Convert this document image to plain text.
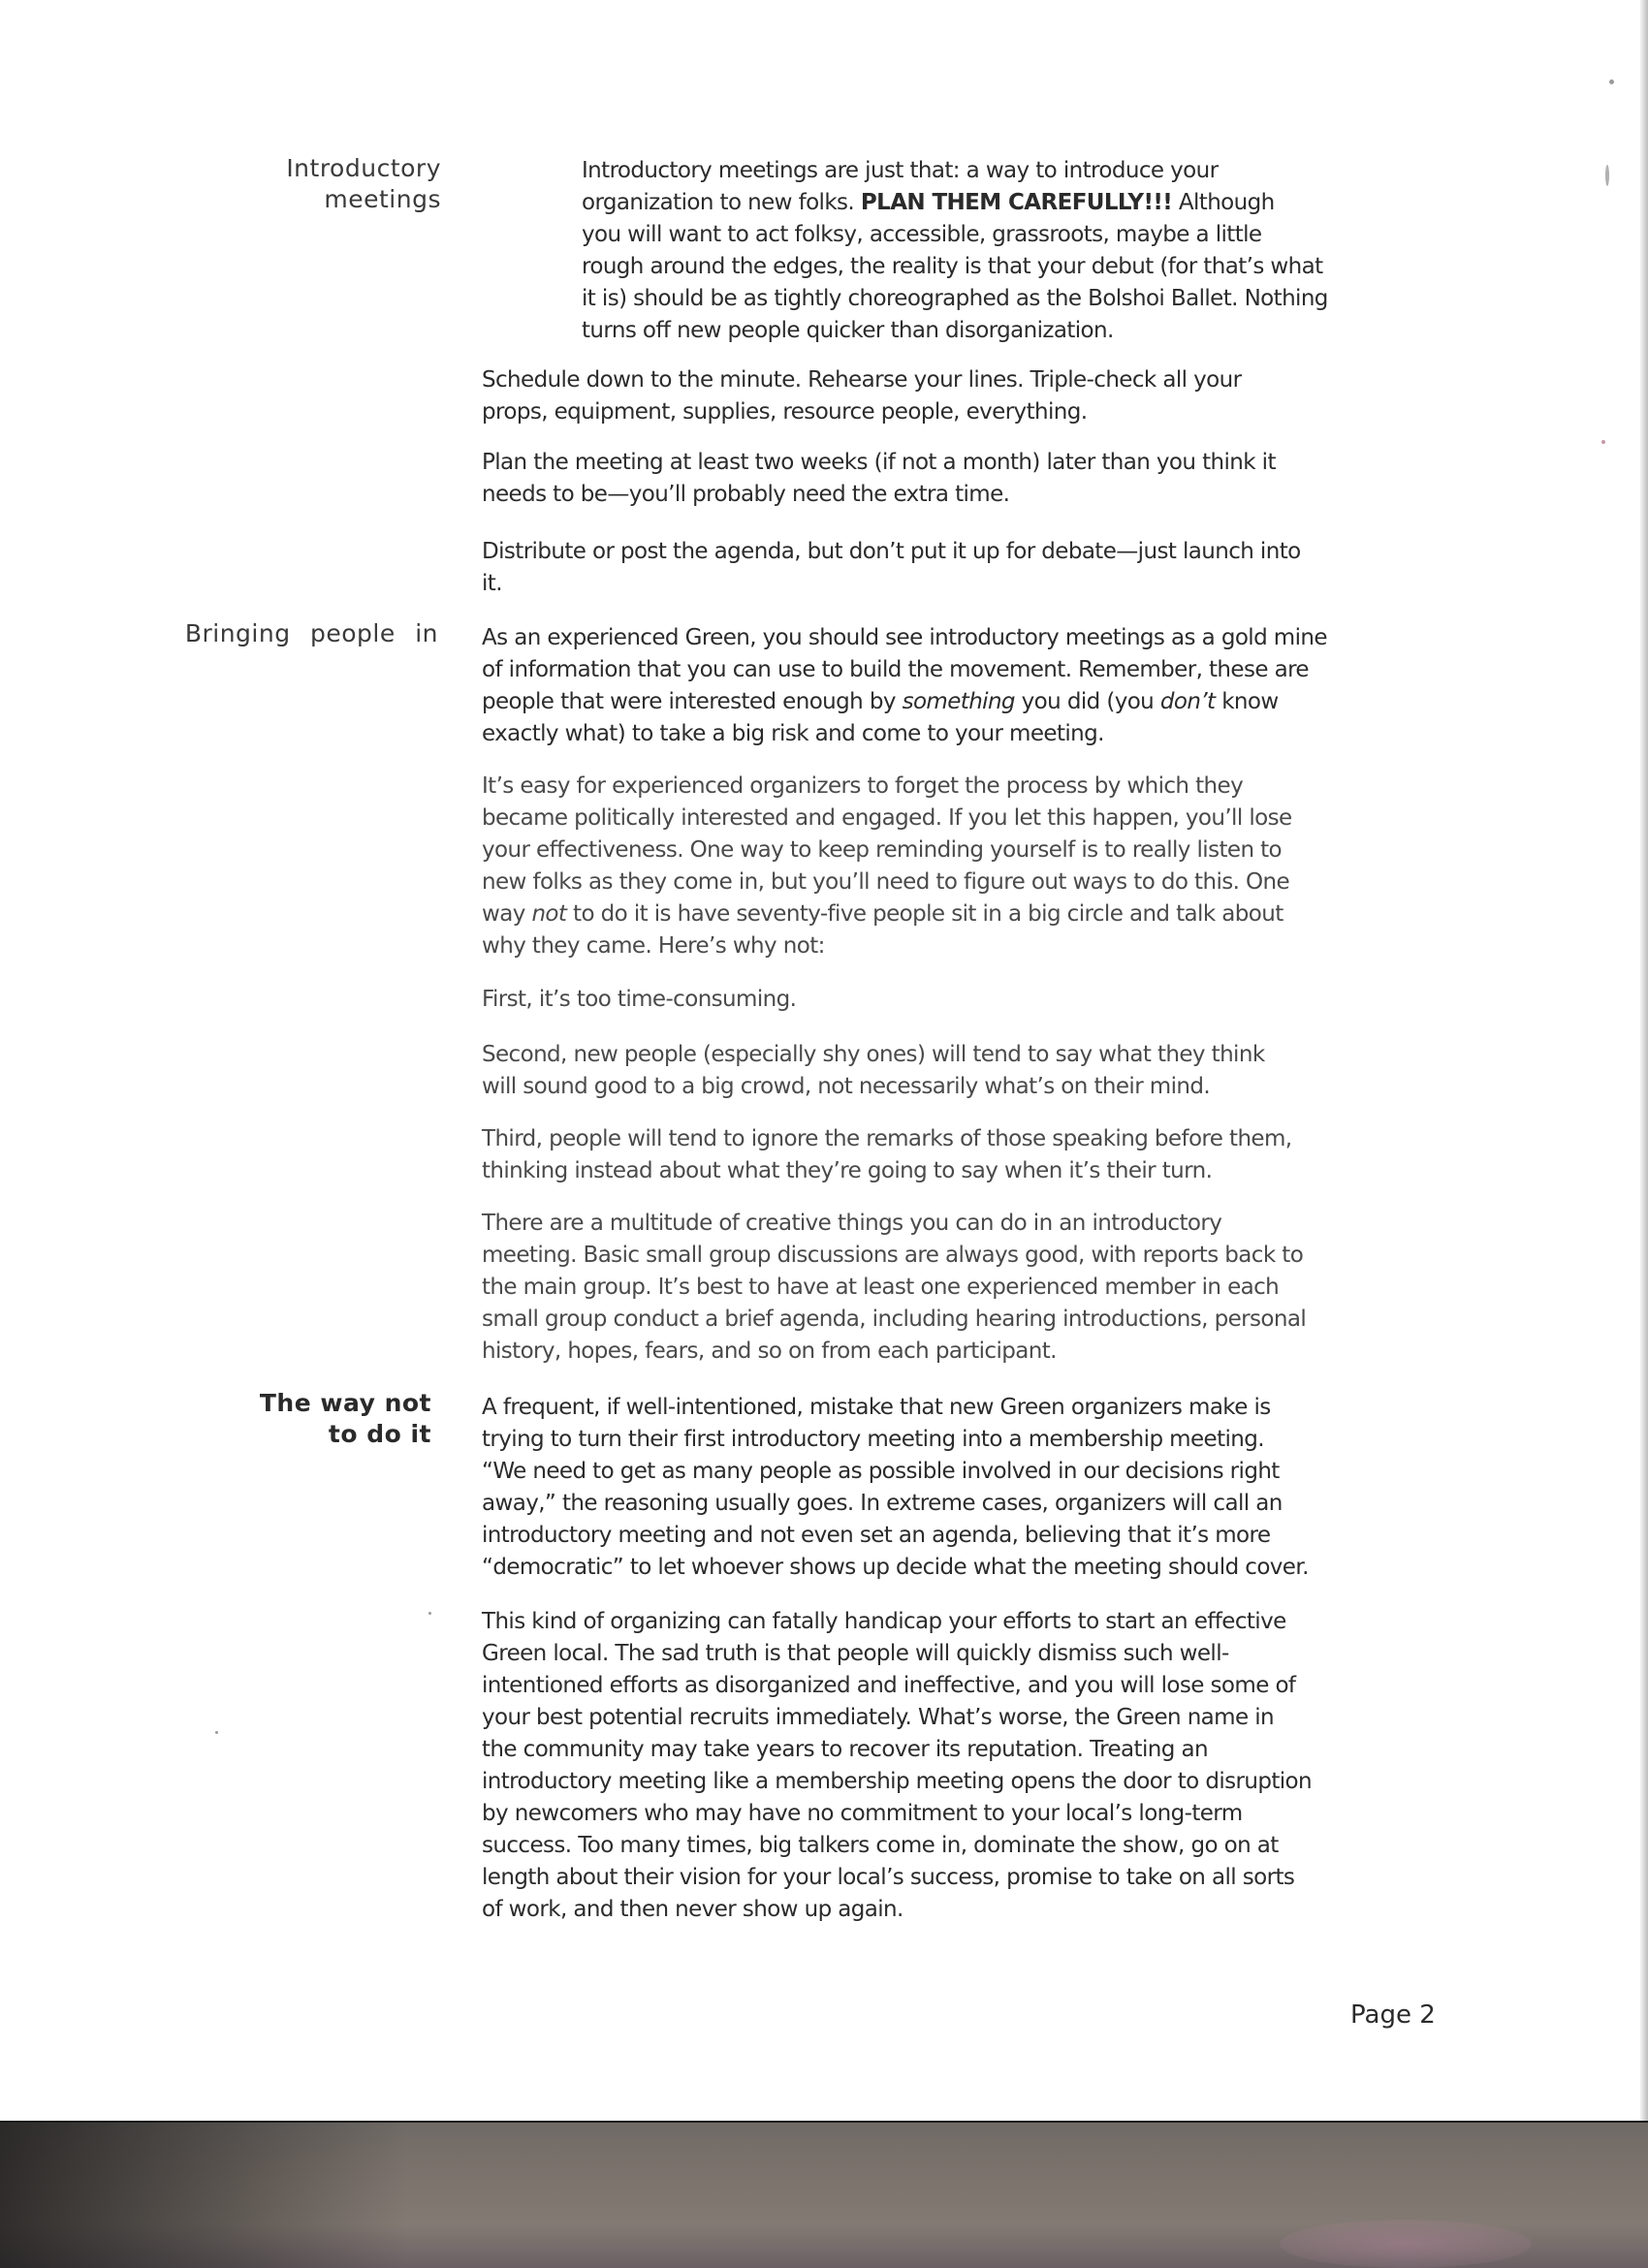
Introductory
meetings
Introductory meetings are just that: a way to introduce your
organization to new folks. PLAN THEM CAREFULLY!!! Although
you will want to act folksy, accessible, grassroots, maybe a little
rough around the edges, the reality is that your debut (for that’s what
it is) should be as tightly choreographed as the Bolshoi Ballet. Nothing
turns off new people quicker than disorganization.
Schedule down to the minute. Rehearse your lines. Triple-check all your
props, equipment, supplies, resource people, everything.
Plan the meeting at least two weeks (if not a month) later than you think it
needs to be—you’ll probably need the extra time.
Distribute or post the agenda, but don’t put it up for debate—just launch into
it.
Bringing people in As an experienced Green, you should see introductory meetings as a gold mine
of information that you can use to build the movement. Remember, these are
people that were interested enough by something you did (you don’t know
exactly what) to take a big risk and come to your meeting.
It’s easy for experienced organizers to forget the process by which they
became politically interested and engaged. If you let this happen, you’ll lose
your effectiveness. One way to keep reminding yourself is to really listen to
new folks as they come in, but you’ll need to figure out ways to do this. One
way not to do it is have seventy-five people sit in a big circle and talk about
why they came. Here’s why not:
First, it’s too time-consuming.
Second, new people (especially shy ones) will tend to say what they think
will sound good to a big crowd, not necessarily what’s on their mind.
Third, people will tend to ignore the remarks of those speaking before them,
thinking instead about what they’re going to say when it’s their turn.
There are a multitude of creative things you can do in an introductory
meeting. Basic small group discussions are always good, with reports back to
the main group. It’s best to have at least one experienced member in each
small group conduct a brief agenda, including hearing introductions, personal
history, hopes, fears, and so on from each participant.
The way not
to do it
A frequent, if well-intentioned, mistake that new Green organizers make is
trying to turn their first introductory meeting into a membership meeting.
“We need to get as many people as possible involved in our decisions right
away,” the reasoning usually goes. In extreme cases, organizers will call an
introductory meeting and not even set an agenda, believing that it’s more
“democratic” to let whoever shows up decide what the meeting should cover.
This kind of organizing can fatally handicap your efforts to start an effective
Green local. The sad truth is that people will quickly dismiss such well-
intentioned efforts as disorganized and ineffective, and you will lose some of
your best potential recruits immediately. What’s worse, the Green name in
the community may take years to recover its reputation. Treating an
introductory meeting like a membership meeting opens the door to disruption
by newcomers who may have no commitment to your local’s long-term
success. Too many times, big talkers come in, dominate the show, go on at
length about their vision for your local’s success, promise to take on all sorts
of work, and then never show up again.
Page 2
